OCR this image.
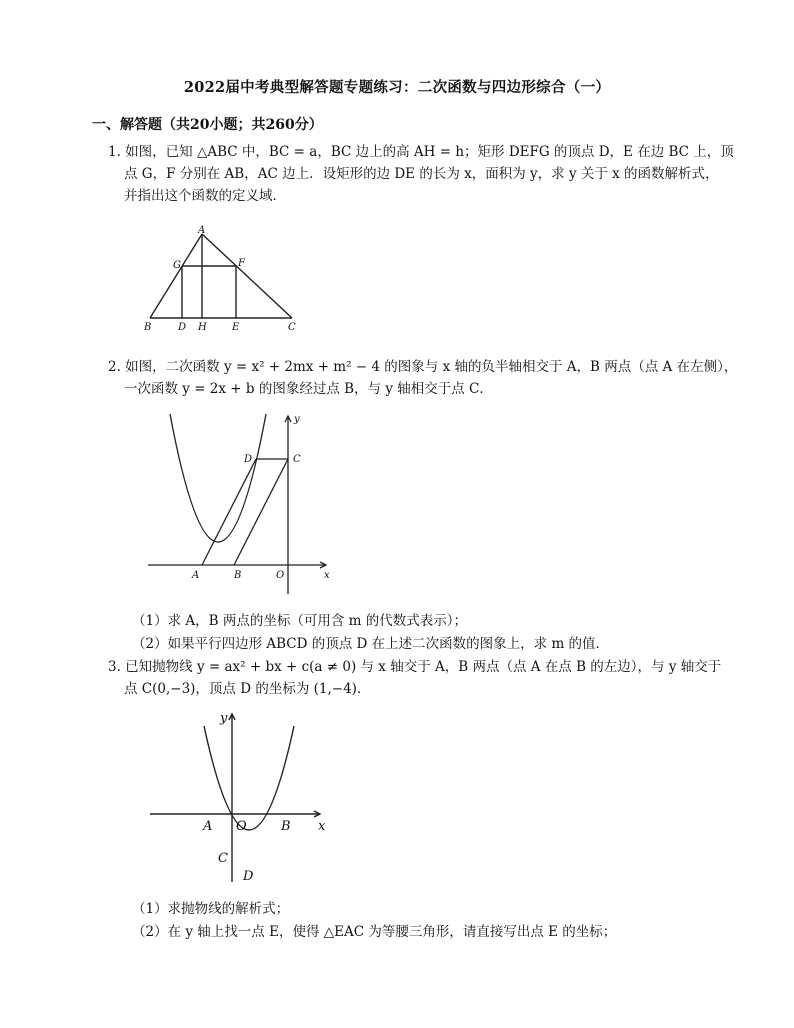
2022届中考典型解答题专题练习：二次函数与四边形综合（一）
一、解答题（共20小题；共260分）
1. 如图，已知 △ABC 中，BC = a，BC 边上的高 AH = h；矩形 DEFG 的顶点 D，E 在边 BC 上，顶
点 G，F 分别在 AB，AC 边上．设矩形的边 DE 的长为 x，面积为 y，求 y 关于 x 的函数解析式，
并指出这个函数的定义域．
A
G	F
B	D H	E	C
2. 如图，二次函数 y = x² + 2mx + m² − 4 的图象与 x 轴的负半轴相交于 A，B 两点（点 A 在左侧），
一次函数 y = 2x + b 的图象经过点 B，与 y 轴相交于点 C．
y
D	C
A	B	O	x
（1）求 A，B 两点的坐标（可用含 m 的代数式表示）；
（2）如果平行四边形 ABCD 的顶点 D 在上述二次函数的图象上，求 m 的值．
3. 已知抛物线 y = ax² + bx + c(a ≠ 0) 与 x 轴交于 A，B 两点（点 A 在点 B 的左边），与 y 轴交于
点 C(0,−3)，顶点 D 的坐标为 (1,−4)．
y
A O	B x
C
D
（1）求抛物线的解析式；
（2）在 y 轴上找一点 E，使得 △EAC 为等腰三角形，请直接写出点 E 的坐标；
